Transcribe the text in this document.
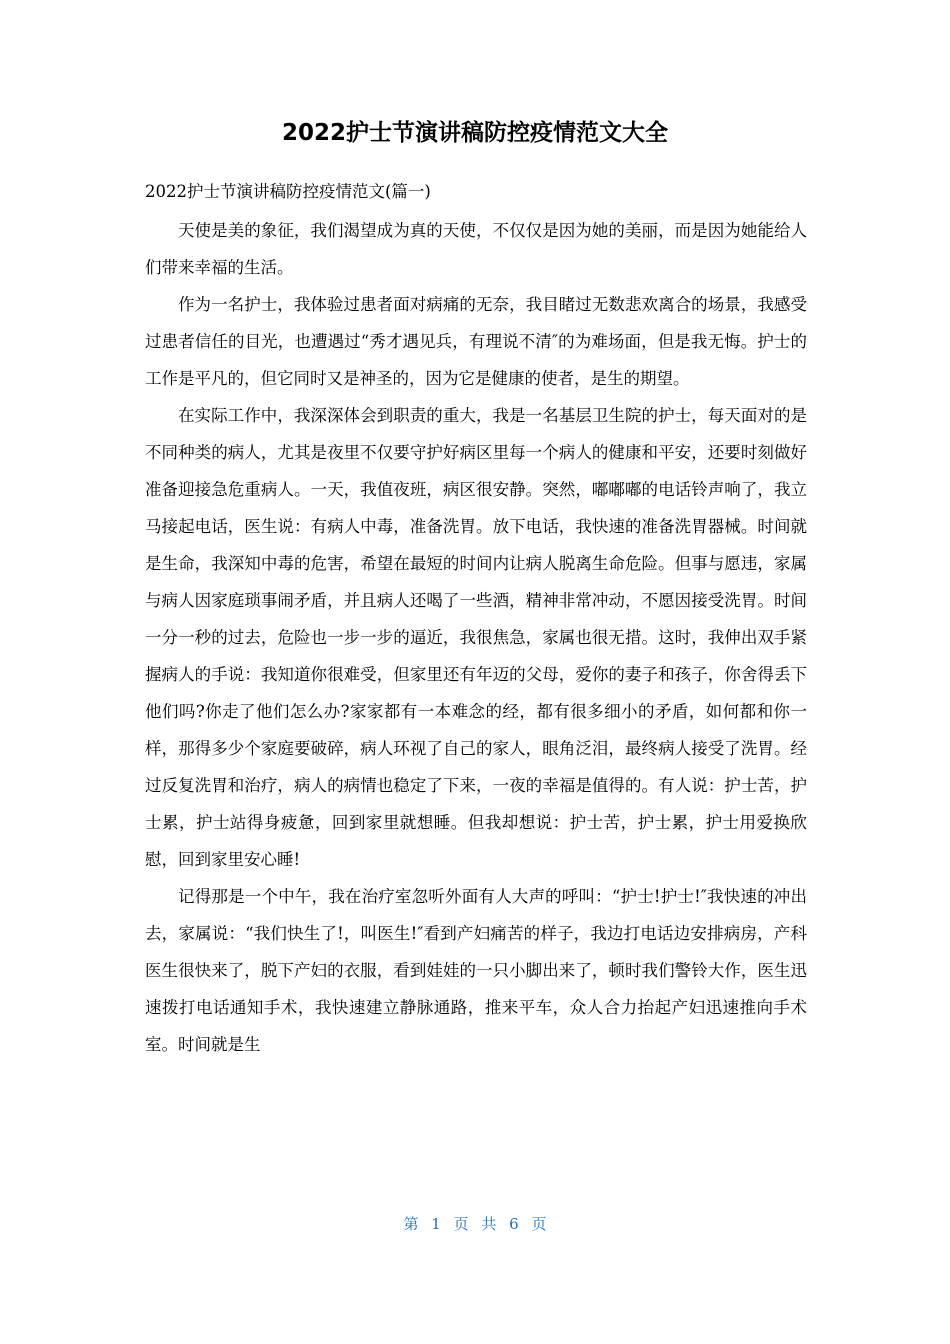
2022护士节演讲稿防控疫情范文大全
2022护士节演讲稿防控疫情范文(篇一)

天使是美的象征，我们渴望成为真的天使，不仅仅是因为她的美丽，而是因为她能给人们带来幸福的生活。

作为一名护士，我体验过患者面对病痛的无奈，我目睹过无数悲欢离合的场景，我感受过患者信任的目光，也遭遇过“秀才遇见兵，有理说不清″的为难场面，但是我无悔。护士的工作是平凡的，但它同时又是神圣的，因为它是健康的使者，是生的期望。

在实际工作中，我深深体会到职责的重大，我是一名基层卫生院的护士，每天面对的是不同种类的病人，尤其是夜里不仅要守护好病区里每一个病人的健康和平安，还要时刻做好准备迎接急危重病人。一天，我值夜班，病区很安静。突然，嘟嘟嘟的电话铃声响了，我立马接起电话，医生说：有病人中毒，准备洗胃。放下电话，我快速的准备洗胃器械。时间就是生命，我深知中毒的危害，希望在最短的时间内让病人脱离生命危险。但事与愿违，家属与病人因家庭琐事闹矛盾，并且病人还喝了一些酒，精神非常冲动，不愿因接受洗胃。时间一分一秒的过去，危险也一步一步的逼近，我很焦急，家属也很无措。这时，我伸出双手紧握病人的手说：我知道你很难受，但家里还有年迈的父母，爱你的妻子和孩子，你舍得丢下他们吗?你走了他们怎么办?家家都有一本难念的经，都有很多细小的矛盾，如何都和你一样，那得多少个家庭要破碎，病人环视了自己的家人，眼角泛泪，最终病人接受了洗胃。经过反复洗胃和治疗，病人的病情也稳定了下来，一夜的幸福是值得的。有人说：护士苦，护士累，护士站得身疲惫，回到家里就想睡。但我却想说：护士苦，护士累，护士用爱换欣慰，回到家里安心睡!

记得那是一个中午，我在治疗室忽听外面有人大声的呼叫：“护士!护士!″我快速的冲出去，家属说：“我们快生了!，叫医生!″看到产妇痛苦的样子，我边打电话边安排病房，产科医生很快来了，脱下产妇的衣服，看到娃娃的一只小脚出来了，顿时我们警铃大作，医生迅速拨打电话通知手术，我快速建立静脉通路，推来平车，众人合力抬起产妇迅速推向手术室。时间就是生

第 1 页 共 6 页
